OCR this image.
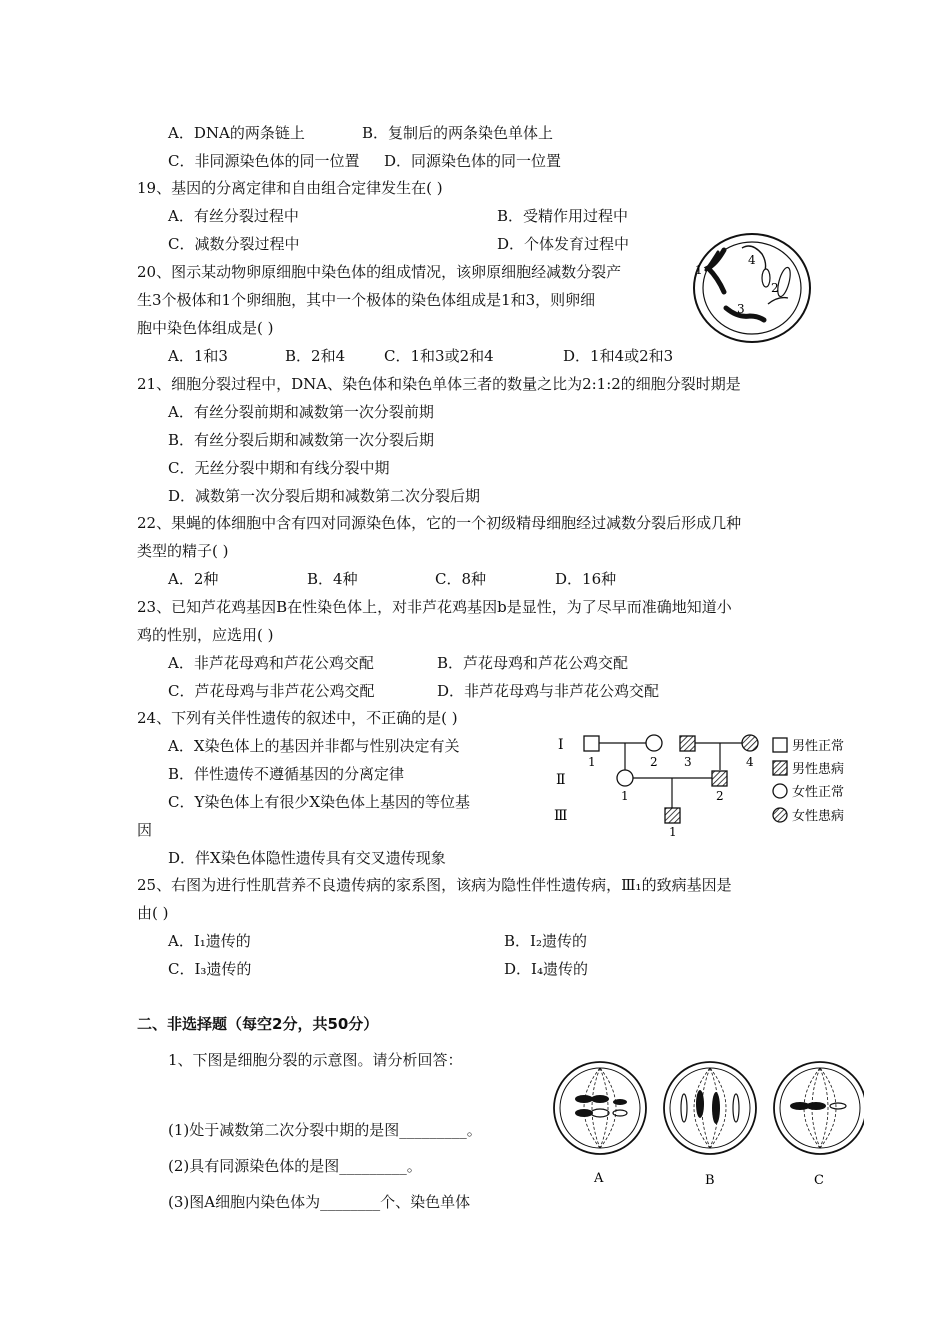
A．DNA的两条链上	B．复制后的两条染色单体上
C．非同源染色体的同一位置 D．同源染色体的同一位置
19、基因的分离定律和自由组合定律发生在( )
A．有丝分裂过程中	B．受精作用过程中
C．减数分裂过程中	D．个体发育过程中
20、图示某动物卵原细胞中染色体的组成情况，该卵原细胞经减数分裂产
生3个极体和1个卵细胞，其中一个极体的染色体组成是1和3，则卵细
胞中染色体组成是( )
A．1和3	B．2和4	C．1和3或2和4	D．1和4或2和3
21、细胞分裂过程中，DNA、染色体和染色单体三者的数量之比为2:1:2的细胞分裂时期是
A．有丝分裂前期和减数第一次分裂前期
B．有丝分裂后期和减数第一次分裂后期
C．无丝分裂中期和有线分裂中期
D．减数第一次分裂后期和减数第二次分裂后期
22、果蝇的体细胞中含有四对同源染色体，它的一个初级精母细胞经过减数分裂后形成几种
类型的精子( )
A．2种	B．4种	C．8种	D．16种
23、已知芦花鸡基因B在性染色体上，对非芦花鸡基因b是显性，为了尽早而准确地知道小
鸡的性别，应选用( )
A．非芦花母鸡和芦花公鸡交配	B．芦花母鸡和芦花公鸡交配
C．芦花母鸡与非芦花公鸡交配	D．非芦花母鸡与非芦花公鸡交配
24、下列有关伴性遗传的叙述中，不正确的是( )
A．X染色体上的基因并非都与性别决定有关
B．伴性遗传不遵循基因的分离定律
C．Y染色体上有很少X染色体上基因的等位基
因
D．伴X染色体隐性遗传具有交叉遗传现象
25、右图为进行性肌营养不良遗传病的家系图，该病为隐性伴性遗传病，Ⅲ₁的致病基因是
由( )
A．Ⅰ₁遗传的	B．Ⅰ₂遗传的
C．Ⅰ₃遗传的	D．Ⅰ₄遗传的
二、非选择题（每空2分，共50分）
1、下图是细胞分裂的示意图。请分析回答：
(1)处于减数第二次分裂中期的是图_________。
(2)具有同源染色体的是图_________。
(3)图A细胞内染色体为________个、染色单体
1
2
3
4
Ⅰ
Ⅱ
Ⅲ
1	2 3	4
1	2
1
男性正常
男性患病
女性正常
女性患病
A	B	C
